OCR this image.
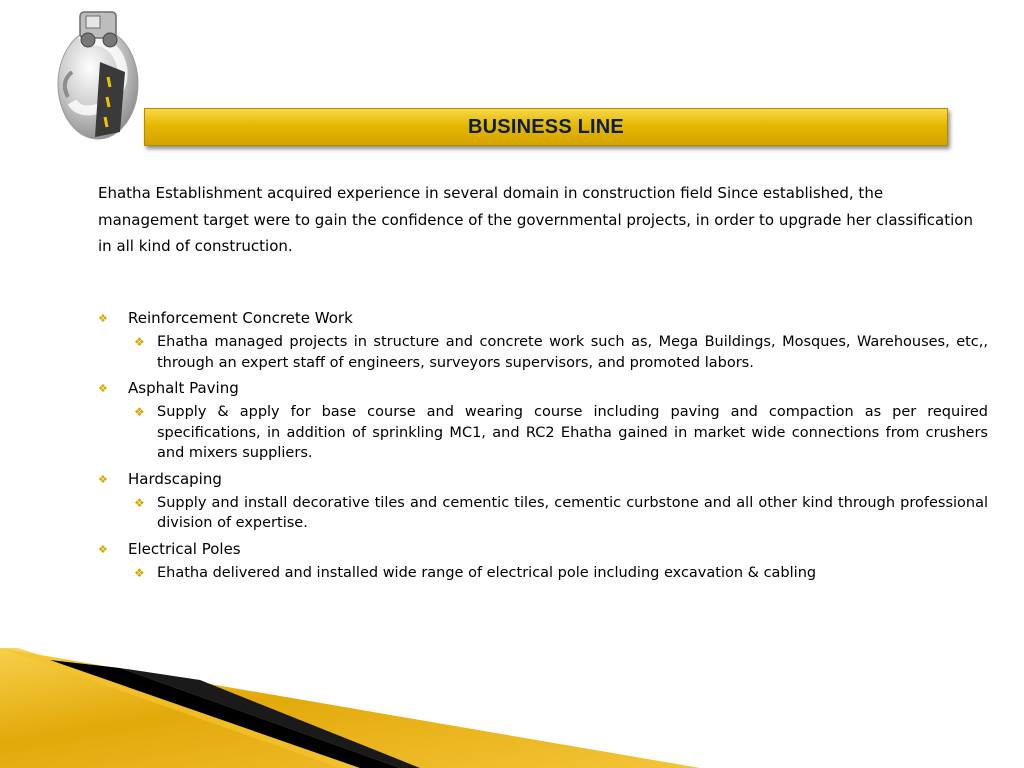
BUSINESS LINE

Ehatha Establishment acquired experience in several domain in construction field Since established, the management target were to gain the confidence of the governmental projects, in order to upgrade her classification in all kind of construction.

❖ Reinforcement Concrete Work
❖ Ehatha managed projects in structure and concrete work such as, Mega Buildings, Mosques, Warehouses, etc,, through an expert staff of engineers, surveyors supervisors, and promoted labors.
❖ Asphalt Paving
❖ Supply & apply for base course and wearing course including paving and compaction as per required specifications, in addition of sprinkling MC1, and RC2 Ehatha gained in market wide connections from crushers and mixers suppliers.
❖ Hardscaping
❖ Supply and install decorative tiles and cementic tiles, cementic curbstone and all other kind through professional division of expertise.
❖ Electrical Poles
❖ Ehatha delivered and installed wide range of electrical pole including excavation & cabling
